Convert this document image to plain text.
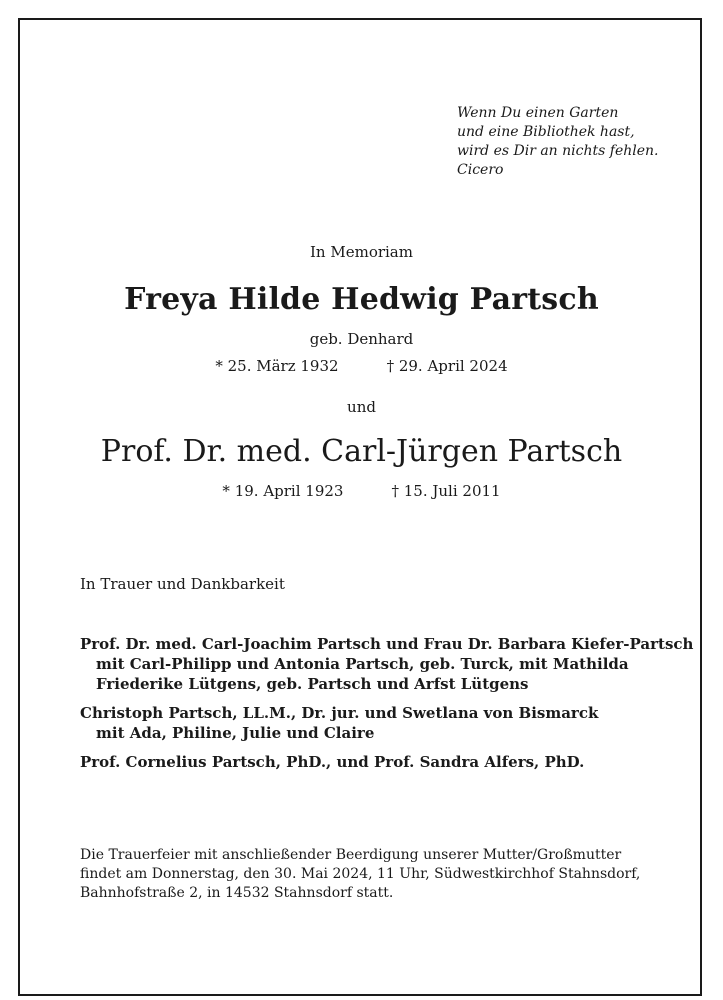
Wenn Du einen Garten
und eine Bibliothek hast,
wird es Dir an nichts fehlen.
Cicero
In Memoriam
Freya Hilde Hedwig Partsch
geb. Denhard
* 25. März 1932	† 29. April 2024
und
Prof. Dr. med. Carl-Jürgen Partsch
* 19. April 1923	† 15. Juli 2011
In Trauer und Dankbarkeit
Prof. Dr. med. Carl-Joachim Partsch und Frau Dr. Barbara Kiefer-Partsch
mit Carl-Philipp und Antonia Partsch, geb. Turck, mit Mathilda
Friederike Lütgens, geb. Partsch und Arfst Lütgens
Christoph Partsch, LL.M., Dr. jur. und Swetlana von Bismarck
mit Ada, Philine, Julie und Claire
Prof. Cornelius Partsch, PhD., und Prof. Sandra Alfers, PhD.
Die Trauerfeier mit anschließender Beerdigung unserer Mutter/Großmutter
findet am Donnerstag, den 30. Mai 2024, 11 Uhr, Südwestkirchhof Stahnsdorf,
Bahnhofstraße 2, in 14532 Stahnsdorf statt.
